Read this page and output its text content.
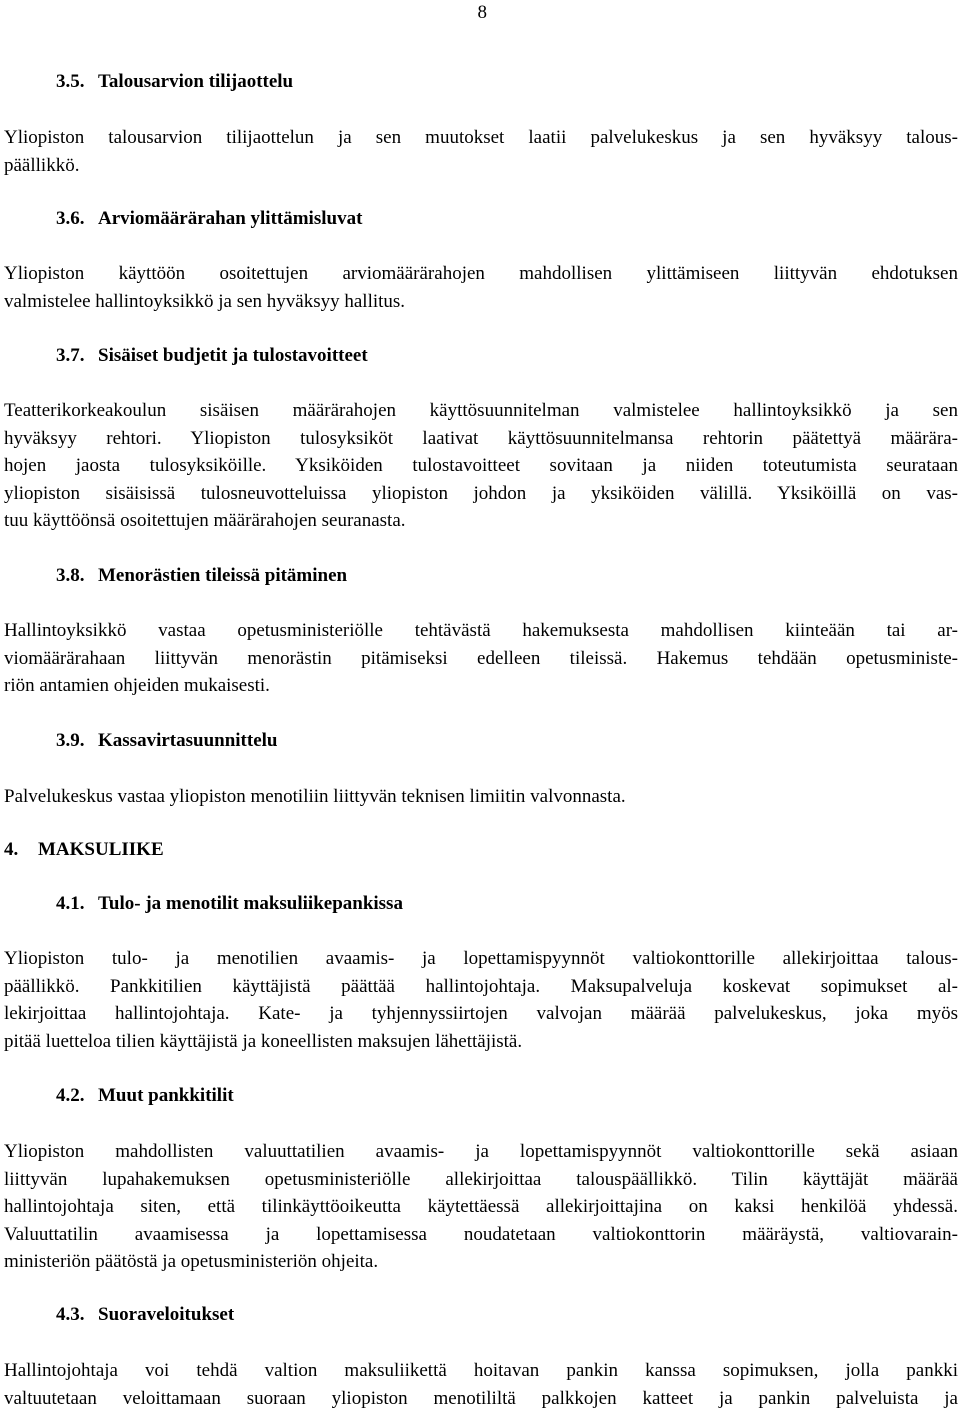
8
3.5. Talousarvion tilijaottelu
Yliopiston talousarvion tilijaottelun ja sen muutokset laatii palvelukeskus ja sen hyväksyy talous-
päällikkö.
3.6. Arviomäärärahan ylittämisluvat
Yliopiston käyttöön osoitettujen arviomäärärahojen mahdollisen ylittämiseen liittyvän ehdotuksen
valmistelee hallintoyksikkö ja sen hyväksyy hallitus.
3.7. Sisäiset budjetit ja tulostavoitteet
Teatterikorkeakoulun sisäisen määrärahojen käyttösuunnitelman valmistelee hallintoyksikkö ja sen
hyväksyy rehtori. Yliopiston tulosyksiköt laativat käyttösuunnitelmansa rehtorin päätettyä määrära-
hojen jaosta tulosyksiköille. Yksiköiden tulostavoitteet sovitaan ja niiden toteutumista seurataan
yliopiston sisäisissä tulosneuvotteluissa yliopiston johdon ja yksiköiden välillä. Yksiköillä on vas-
tuu käyttöönsä osoitettujen määrärahojen seuranasta.
3.8. Menorästien tileissä pitäminen
Hallintoyksikkö vastaa opetusministeriölle tehtävästä hakemuksesta mahdollisen kiinteään tai ar-
viomäärärahaan liittyvän menorästin pitämiseksi edelleen tileissä. Hakemus tehdään opetusministe-
riön antamien ohjeiden mukaisesti.
3.9. Kassavirtasuunnittelu
Palvelukeskus vastaa yliopiston menotiliin liittyvän teknisen limiitin valvonnasta.
4. MAKSULIIKE
4.1. Tulo- ja menotilit maksuliikepankissa
Yliopiston tulo- ja menotilien avaamis- ja lopettamispyynnöt valtiokonttorille allekirjoittaa talous-
päällikkö. Pankkitilien käyttäjistä päättää hallintojohtaja. Maksupalveluja koskevat sopimukset al-
lekirjoittaa hallintojohtaja. Kate- ja tyhjennyssiirtojen valvojan määrää palvelukeskus, joka myös
pitää luetteloa tilien käyttäjistä ja koneellisten maksujen lähettäjistä.
4.2. Muut pankkitilit
Yliopiston mahdollisten valuuttatilien avaamis- ja lopettamispyynnöt valtiokonttorille sekä asiaan
liittyvän lupahakemuksen opetusministeriölle allekirjoittaa talouspäällikkö. Tilin käyttäjät määrää
hallintojohtaja siten, että tilinkäyttöoikeutta käytettäessä allekirjoittajina on kaksi henkilöä yhdessä.
Valuuttatilin avaamisessa ja lopettamisessa noudatetaan valtiokonttorin määräystä, valtiovarain-
ministeriön päätöstä ja opetusministeriön ohjeita.
4.3. Suoraveloitukset
Hallintojohtaja voi tehdä valtion maksuliikettä hoitavan pankin kanssa sopimuksen, jolla pankki
valtuutetaan veloittamaan suoraan yliopiston menotililtä palkkojen katteet ja pankin palveluista ja
